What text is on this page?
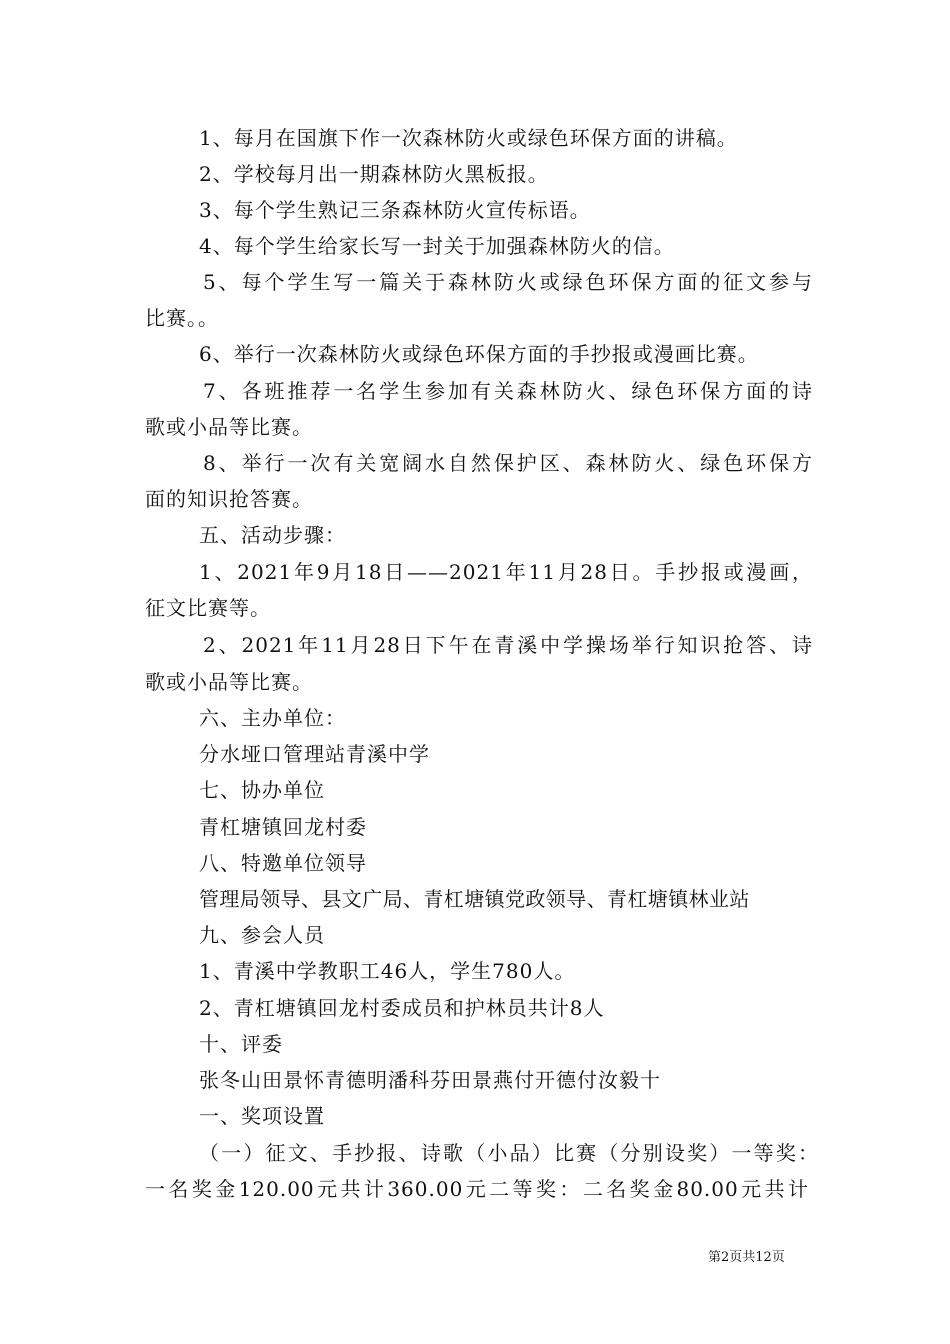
1、每月在国旗下作一次森林防火或绿色环保方面的讲稿。
2、学校每月出一期森林防火黑板报。
3、每个学生熟记三条森林防火宣传标语。
4、每个学生给家长写一封关于加强森林防火的信。
5、每个学生写一篇关于森林防火或绿色环保方面的征文参与
比赛。。
6、举行一次森林防火或绿色环保方面的手抄报或漫画比赛。
7、各班推荐一名学生参加有关森林防火、绿色环保方面的诗
歌或小品等比赛。
8、举行一次有关宽阔水自然保护区、森林防火、绿色环保方
面的知识抢答赛。
五、活动步骤：
1、2021年9月18日——2021年11月28日。手抄报或漫画，
征文比赛等。
2、2021年11月28日下午在青溪中学操场举行知识抢答、诗
歌或小品等比赛。
六、主办单位：
分水垭口管理站青溪中学
七、协办单位
青杠塘镇回龙村委
八、特邀单位领导
管理局领导、县文广局、青杠塘镇党政领导、青杠塘镇林业站
九、参会人员
1、青溪中学教职工46人，学生780人。
2、青杠塘镇回龙村委成员和护林员共计8人
十、评委
张冬山田景怀青德明潘科芬田景燕付开德付汝毅十
一、奖项设置
（一）征文、手抄报、诗歌（小品）比赛（分别设奖）一等奖：
一名奖金120.00元共计360.00元二等奖：二名奖金80.00元共计
第2页共12页
